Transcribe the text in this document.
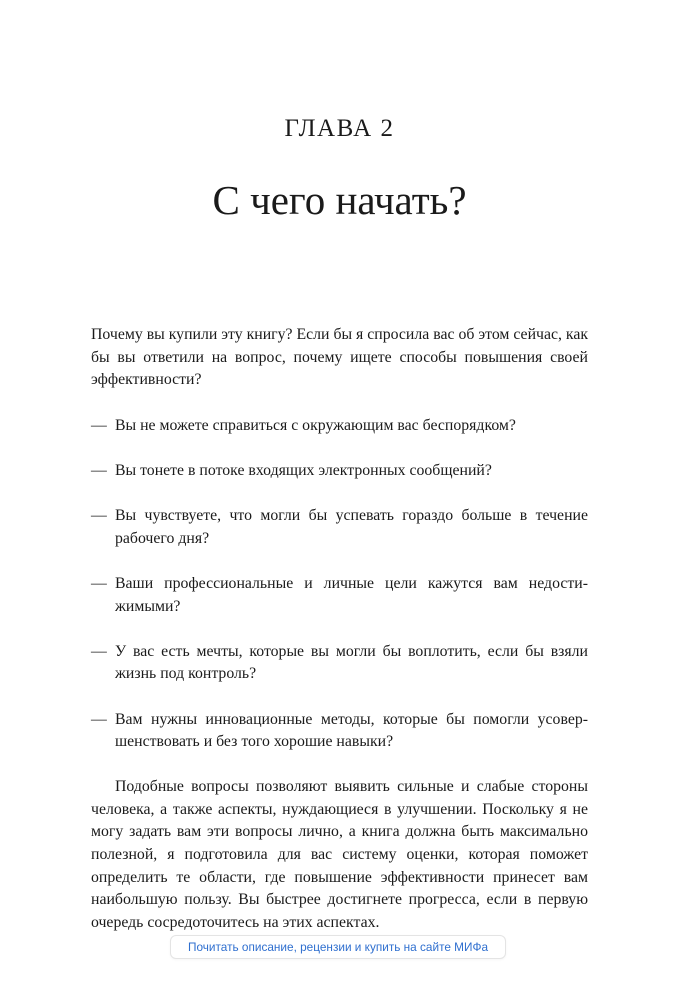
ГЛАВА 2
С чего начать?

Почему вы купили эту книгу? Если бы я спросила вас об этом сейчас, как бы вы ответили на вопрос, почему ищете способы повышения своей эффективности?

— Вы не можете справиться с окружающим вас беспорядком?
— Вы тонете в потоке входящих электронных сообщений?
— Вы чувствуете, что могли бы успевать гораздо больше в течение рабочего дня?
— Ваши профессиональные и личные цели кажутся вам недостижимыми?
— У вас есть мечты, которые вы могли бы воплотить, если бы взяли жизнь под контроль?
— Вам нужны инновационные методы, которые бы помогли усовершенствовать и без того хорошие навыки?

Подобные вопросы позволяют выявить сильные и слабые стороны человека, а также аспекты, нуждающиеся в улучшении. Поскольку я не могу задать вам эти вопросы лично, а книга должна быть максимально полезной, я подготовила для вас систему оценки, которая поможет определить те области, где повышение эффективности принесет вам наибольшую пользу. Вы быстрее достигнете прогресса, если в первую очередь сосредоточитесь на этих аспектах.

Почитать описание, рецензии и купить на сайте МИФа
